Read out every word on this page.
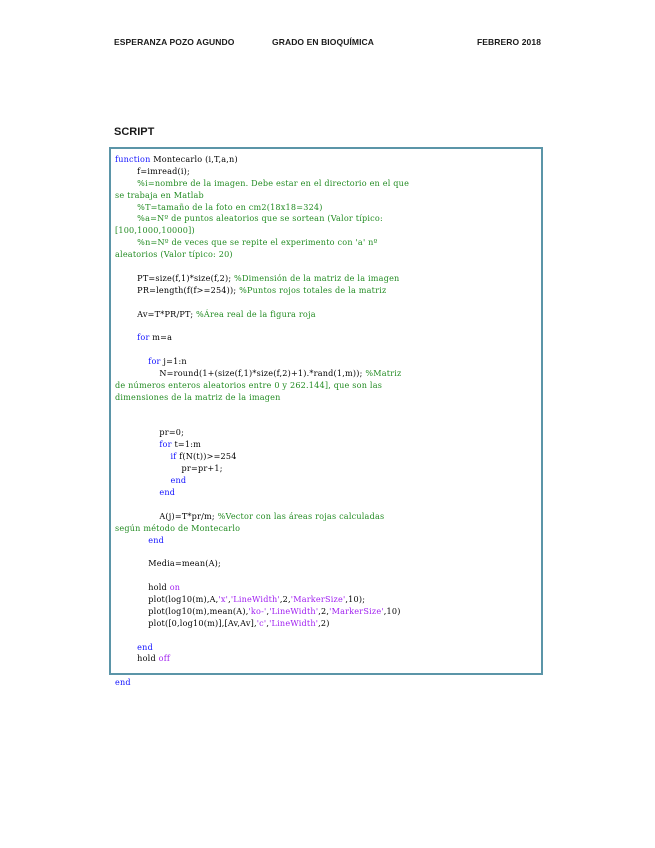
ESPERANZA POZO AGUNDO	GRADO EN BIOQUÍMICA	FEBRERO 2018
SCRIPT
function Montecarlo (i,T,a,n)
f=imread(i);
%i=nombre de la imagen. Debe estar en el directorio en el que
se trabaja en Matlab
%T=tamaño de la foto en cm2(18x18=324)
%a=Nº de puntos aleatorios que se sortean (Valor típico:
[100,1000,10000])
%n=Nº de veces que se repite el experimento con 'a' nº
aleatorios (Valor típico: 20)
PT=size(f,1)*size(f,2); %Dimensión de la matriz de la imagen
PR=length(f(f>=254)); %Puntos rojos totales de la matriz
Av=T*PR/PT; %Área real de la figura roja
for m=a
for j=1:n
N=round(1+(size(f,1)*size(f,2)+1).*rand(1,m)); %Matriz
de números enteros aleatorios entre 0 y 262.144], que son las
dimensiones de la matriz de la imagen
pr=0;
for t=1:m
if f(N(t))>=254
pr=pr+1;
end
end
A(j)=T*pr/m; %Vector con las áreas rojas calculadas
según método de Montecarlo
end
Media=mean(A);
hold on
plot(log10(m),A,'x','LineWidth',2,'MarkerSize',10);
plot(log10(m),mean(A),'ko-','LineWidth',2,'MarkerSize',10)
plot([0,log10(m)],[Av,Av],'c','LineWidth',2)
end
hold off
end
